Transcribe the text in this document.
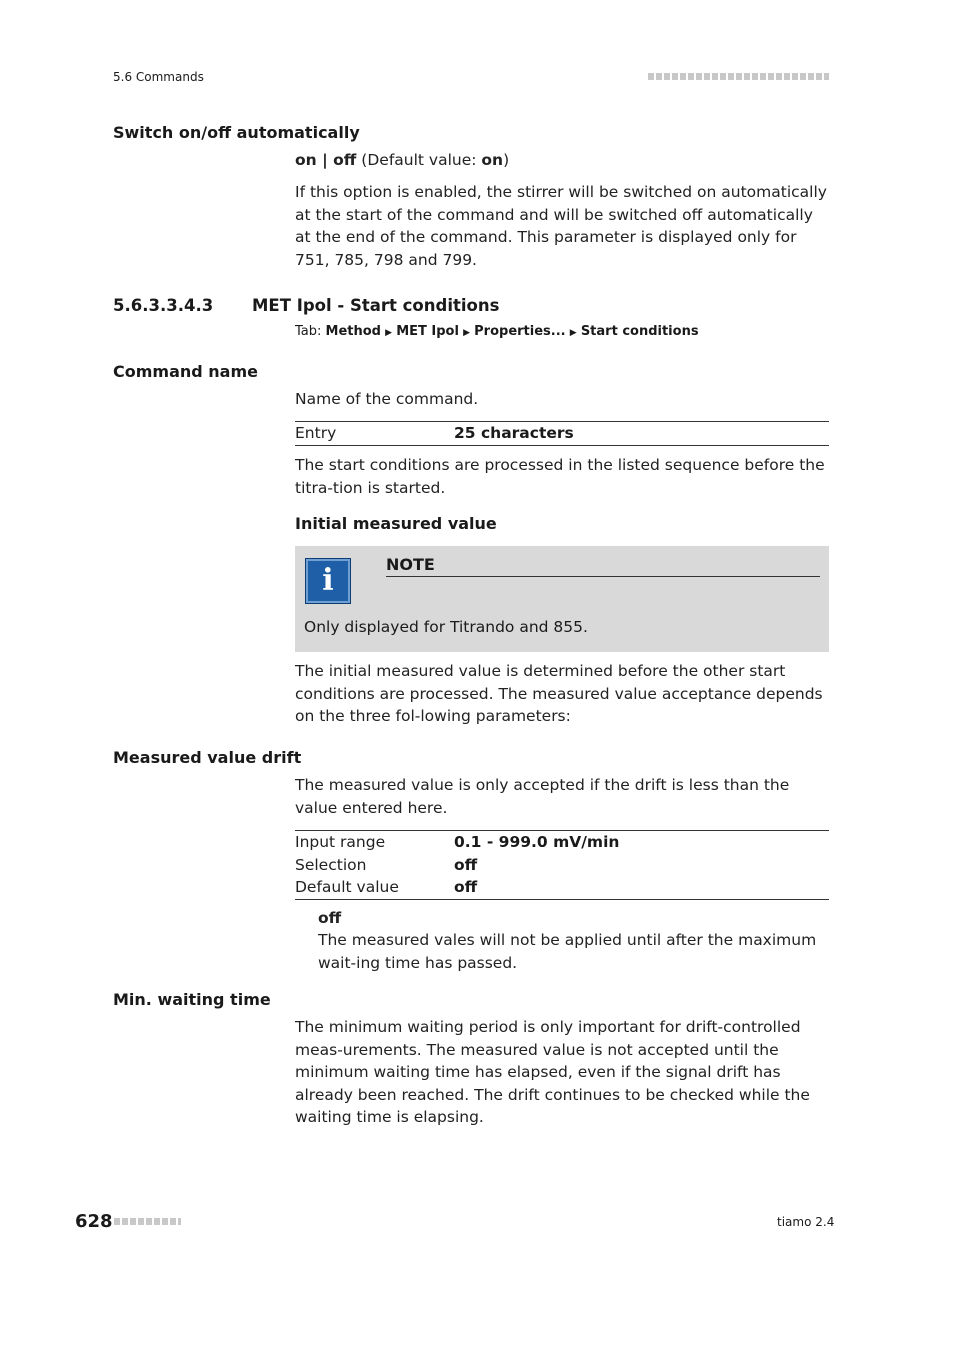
5.6 Commands
Switch on/off automatically
on | off (Default value: on)
If this option is enabled, the stirrer will be switched on automatically at the start of the command and will be switched off automatically at the end of the command. This parameter is displayed only for 751, 785, 798 and 799.
5.6.3.3.4.3 MET Ipol - Start conditions
Tab: Method ▶ MET Ipol ▶ Properties... ▶ Start conditions
Command name
Name of the command.
Entry	25 characters
The start conditions are processed in the listed sequence before the titra-tion is started.
Initial measured value
i	NOTE
Only displayed for Titrando and 855.
The initial measured value is determined before the other start conditions are processed. The measured value acceptance depends on the three fol-lowing parameters:
Measured value drift
The measured value is only accepted if the drift is less than the value entered here.
Input range	0.1 - 999.0 mV/min
Selection	off
Default value	off
off
The measured vales will not be applied until after the maximum wait-ing time has passed.
Min. waiting time
The minimum waiting period is only important for drift-controlled meas-urements. The measured value is not accepted until the minimum waiting time has elapsed, even if the signal drift has already been reached. The drift continues to be checked while the waiting time is elapsing.
628	tiamo 2.4
